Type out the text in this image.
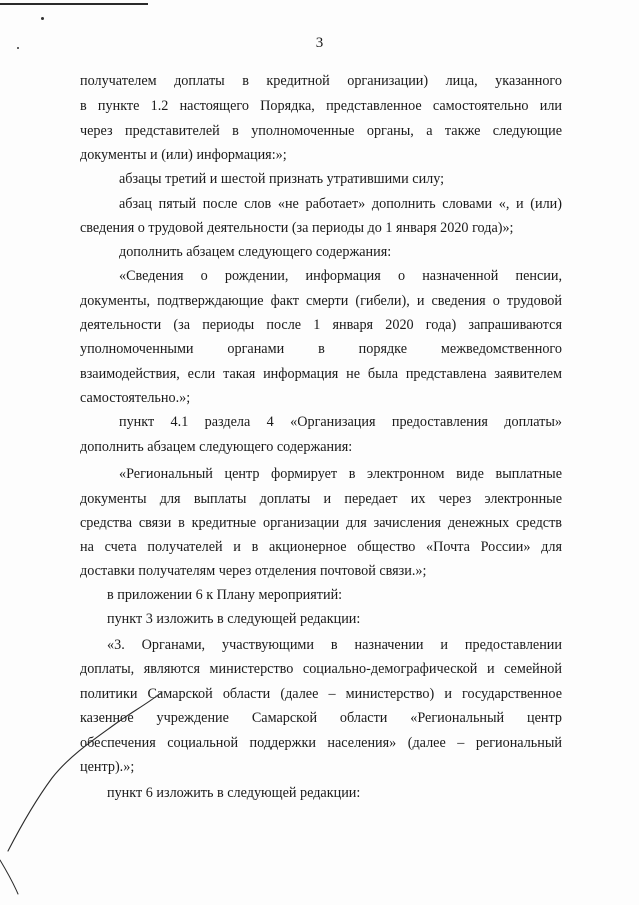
3
получателем доплаты в кредитной организации) лица, указанного
в пункте 1.2 настоящего Порядка, представленное самостоятельно или
через представителей в уполномоченные органы, а также следующие
документы и (или) информация:»;
абзацы третий и шестой признать утратившими силу;
абзац пятый после слов «не работает» дополнить словами «, и (или)
сведения о трудовой деятельности (за периоды до 1 января 2020 года)»;
дополнить абзацем следующего содержания:
«Сведения о рождении, информация о назначенной пенсии,
документы, подтверждающие факт смерти (гибели), и сведения о трудовой
деятельности (за периоды после 1 января 2020 года) запрашиваются
уполномоченными органами в порядке межведомственного
взаимодействия, если такая информация не была представлена заявителем
самостоятельно.»;
пункт 4.1 раздела 4 «Организация предоставления доплаты»
дополнить абзацем следующего содержания:
«Региональный центр формирует в электронном виде выплатные
документы для выплаты доплаты и передает их через электронные
средства связи в кредитные организации для зачисления денежных средств
на счета получателей и в акционерное общество «Почта России» для
доставки получателям через отделения почтовой связи.»;
в приложении 6 к Плану мероприятий:
пункт 3 изложить в следующей редакции:
«3. Органами, участвующими в назначении и предоставлении
доплаты, являются министерство социально-демографической и семейной
политики Самарской области (далее – министерство) и государственное
казенное учреждение Самарской области «Региональный центр
обеспечения социальной поддержки населения» (далее – региональный
центр).»;
пункт 6 изложить в следующей редакции:
